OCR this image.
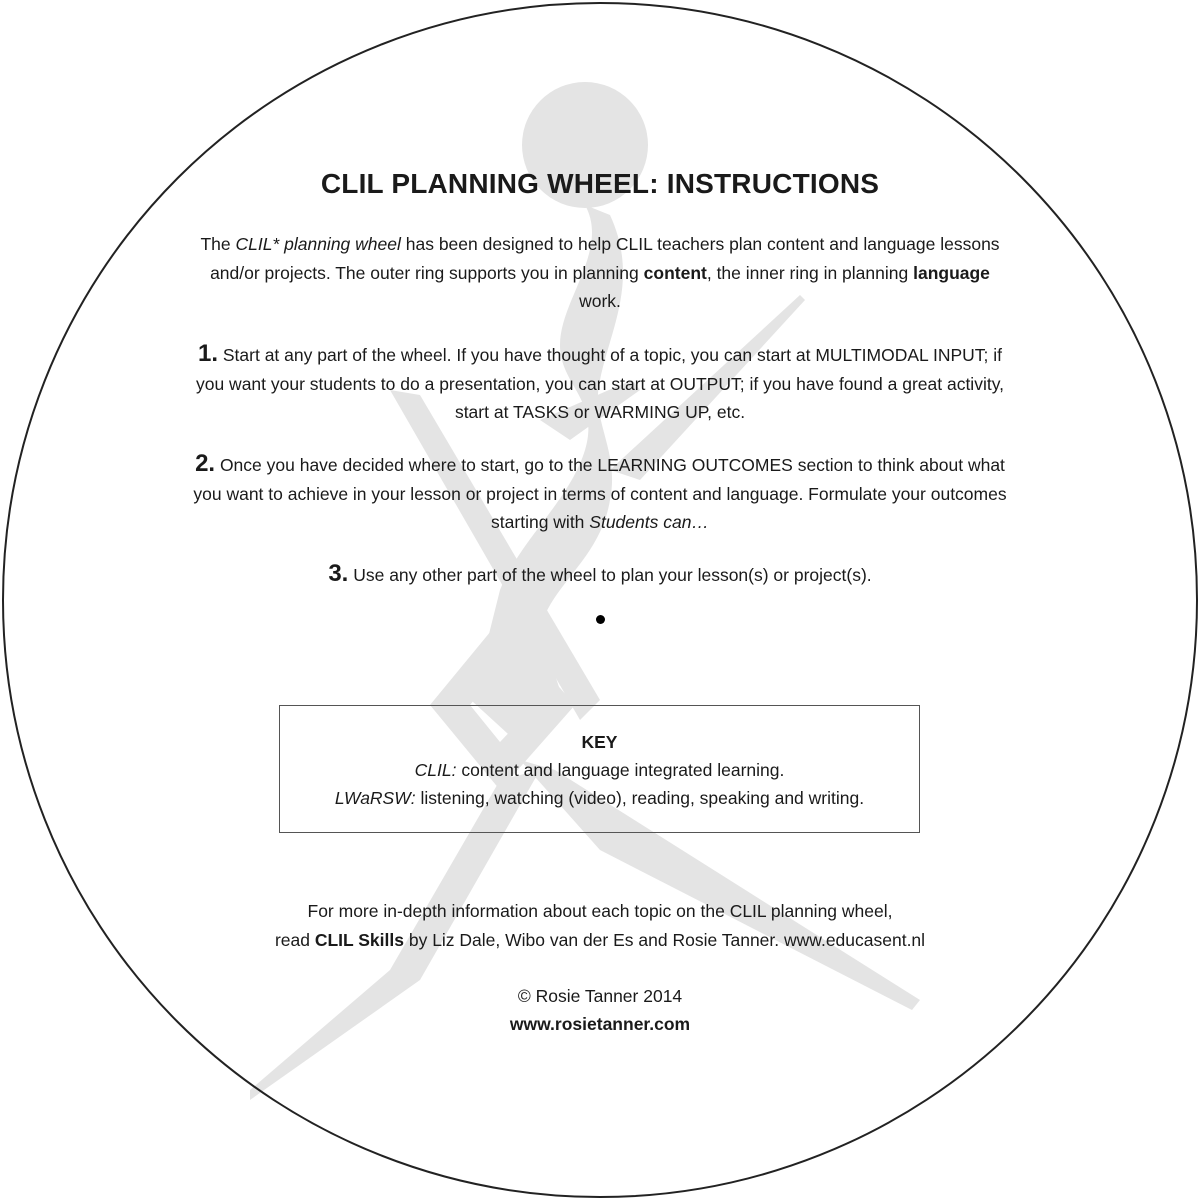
CLIL PLANNING WHEEL: INSTRUCTIONS

The CLIL* planning wheel has been designed to help CLIL teachers plan content and language lessons and/or projects. The outer ring supports you in planning content, the inner ring in planning language work.

1. Start at any part of the wheel. If you have thought of a topic, you can start at MULTIMODAL INPUT; if you want your students to do a presentation, you can start at OUTPUT; if you have found a great activity, start at TASKS or WARMING UP, etc.

2. Once you have decided where to start, go to the LEARNING OUTCOMES section to think about what you want to achieve in your lesson or project in terms of content and language. Formulate your outcomes starting with Students can…

3. Use any other part of the wheel to plan your lesson(s) or project(s).

KEY
CLIL: content and language integrated learning.
LWaRSW: listening, watching (video), reading, speaking and writing.

For more in-depth information about each topic on the CLIL planning wheel,
read CLIL Skills by Liz Dale, Wibo van der Es and Rosie Tanner. www.educasent.nl

© Rosie Tanner 2014

www.rosietanner.com
